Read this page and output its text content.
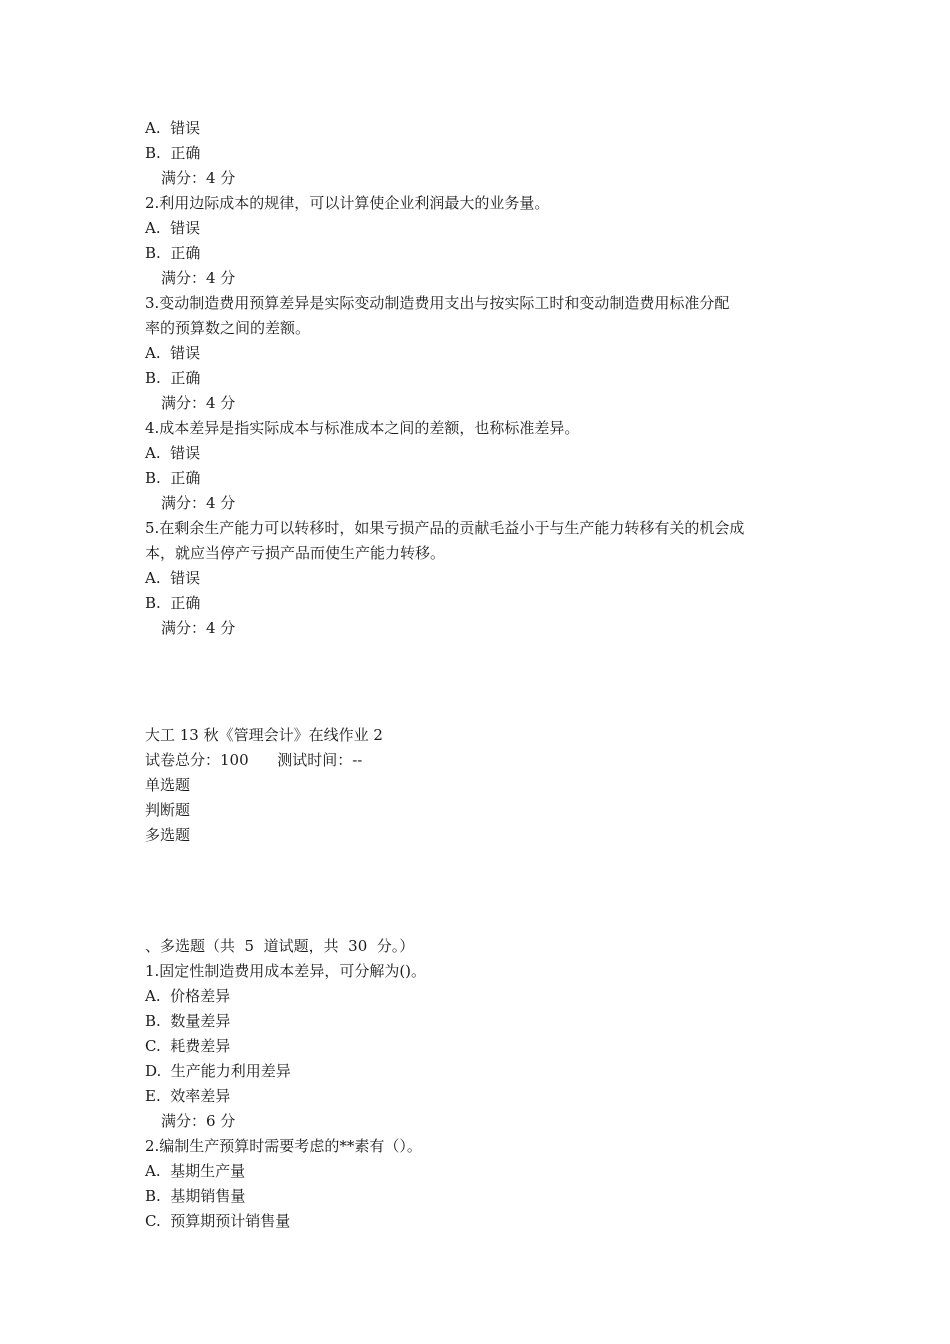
A.  错误

B.  正确

满分：4 分

2.利用边际成本的规律，可以计算使企业利润最大的业务量。

A.  错误

B.  正确

满分：4 分

3.变动制造费用预算差异是实际变动制造费用支出与按实际工时和变动制造费用标准分配

率的预算数之间的差额。

A.  错误

B.  正确

满分：4 分

4.成本差异是指实际成本与标准成本之间的差额，也称标准差异。

A.  错误

B.  正确

满分：4 分

5.在剩余生产能力可以转移时，如果亏损产品的贡献毛益小于与生产能力转移有关的机会成

本，就应当停产亏损产品而使生产能力转移。

A.  错误

B.  正确

满分：4 分

大工 13 秋《管理会计》在线作业 2

试卷总分：100      测试时间：--

单选题

判断题

多选题

、多选题（共  5  道试题，共  30  分。）

1.固定性制造费用成本差异，可分解为()。

A.  价格差异

B.  数量差异

C.  耗费差异

D.  生产能力利用差异

E.  效率差异

满分：6 分

2.编制生产预算时需要考虑的**素有（）。

A.  基期生产量

B.  基期销售量

C.  预算期预计销售量
